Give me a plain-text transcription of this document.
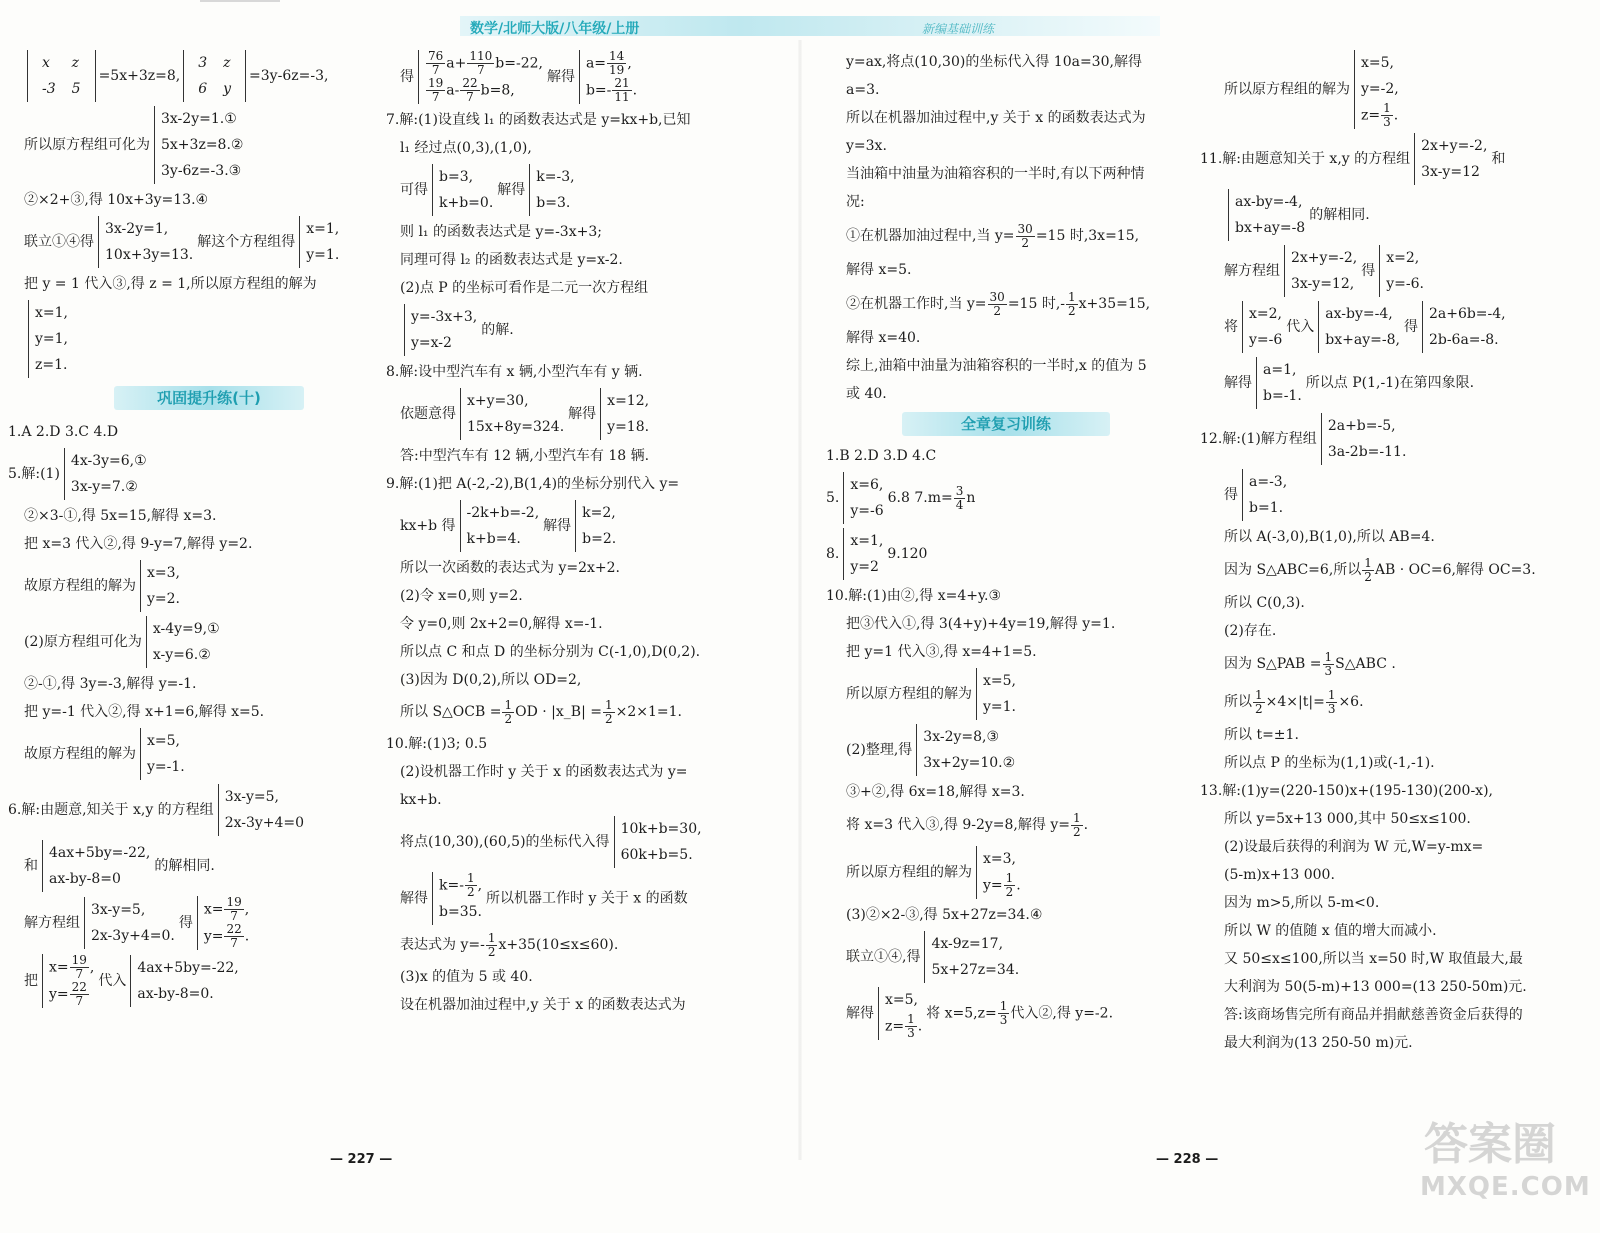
数学/北师大版/八年级/上册	新编基础训练
x	z
-3	5
=5x+3z=8,
3	z
6	y
=3y-6z=-3,
所以原方程组可化为
3x-2y=1.①
5x+3z=8.②
3y-6z=-3.③
②×2+③,得 10x+3y=13.④
联立①④得
3x-2y=1,
10x+3y=13.
解这个方程组得
x=1,
y=1.
把 y = 1 代入③,得 z = 1,所以原方程组的解为
x=1,
y=1,
z=1.
巩固提升练(十)
1.A 2.D 3.C 4.D
5.解:(1)
4x-3y=6,①
3x-y=7.②
②×3-①,得 5x=15,解得 x=3.
把 x=3 代入②,得 9-y=7,解得 y=2.
故原方程组的解为
x=3,
y=2.
(2)原方程组可化为
x-4y=9,①
x-y=6.②
②-①,得 3y=-3,解得 y=-1.
把 y=-1 代入②,得 x+1=6,解得 x=5.
故原方程组的解为
x=5,
y=-1.
6.解:由题意,知关于 x,y 的方程组
3x-y=5,
2x-3y+4=0
和
4ax+5by=-22,
ax-by-8=0
的解相同.
解方程组
3x-y=5,
2x-3y+4=0.
得
$x= \frac{19}{7}$ ,
$y= \frac{22}{7}$ .
把
$x= \frac{19}{7}$ ,
$y= \frac{22}{7}$ 代入
4ax+5by=-22,
ax-by-8=0.
得 $\frac{76}{7} a+ \frac{110}{7} b=-22$,
$\frac{19}{7} a- \frac{22}{7} b=8$,
解得
$a= \frac{14}{19}$ ,
$b=- \frac{21}{11}$ .
7.解:(1)设直线 l₁ 的函数表达式是 y=kx+b,已知
l₁ 经过点(0,3),(1,0),
可得
b=3,
k+b=0.
解得
k=-3,
b=3.
则 l₁ 的函数表达式是 y=-3x+3;
同理可得 l₂ 的函数表达式是 y=x-2.
(2)点 P 的坐标可看作是二元一次方程组
y=-3x+3,
y=x-2
的解.
8.解:设中型汽车有 x 辆,小型汽车有 y 辆.
依题意得
x+y=30,
15x+8y=324.
解得
x=12,
y=18.
答:中型汽车有 12 辆,小型汽车有 18 辆.
9.解:(1)把 A(-2,-2),B(1,4)的坐标分别代入 y=
kx+b 得
-2k+b=-2,
k+b=4.
解得
k=2,
b=2.
所以一次函数的表达式为 y=2x+2.
(2)令 x=0,则 y=2.
令 y=0,则 2x+2=0,解得 x=-1.
所以点 C 和点 D 的坐标分别为 C(-1,0),D(0,2).
(3)因为 D(0,2),所以 OD=2,
所以 S△OCB = $\frac{1}{2}$ OD · |x_B| = $\frac{1}{2} \times 2\times 1=1$.
10.解:(1)3; 0.5
(2)设机器工作时 y 关于 x 的函数表达式为 y=
kx+b.
将点(10,30),(60,5)的坐标代入得
10k+b=30,
60k+b=5.
解得
$k=- \frac{1}{2}$ ,
b=35.
所以机器工作时 y 关于 x 的函数
表达式为 $y=- \frac{1}{2} x+35(10\le x\le 60)$.
(3)x 的值为 5 或 40.
设在机器加油过程中,y 关于 x 的函数表达式为
y=ax,将点(10,30)的坐标代入得 10a=30,解得
a=3.
所以在机器加油过程中,y 关于 x 的函数表达式为
y=3x.
当油箱中油量为油箱容积的一半时,有以下两种情
况:
①在机器加油过程中,当 $y= \frac{30}{2} =15$ 时,3x=15,
解得 x=5.
②在机器工作时,当 $y= \frac{30}{2} =15$ 时,- $\frac{1}{2} x+35=15$,
解得 x=40.
综上,油箱中油量为油箱容积的一半时,x 的值为 5
或 40.
全章复习训练
1.B 2.D 3.D 4.C
5.
x=6,
y=-6
6.8 $7.m= \frac{3}{4}$ n
8.
x=1,
y=2
9.120
10.解:(1)由②,得 x=4+y.③
把③代入①,得 3(4+y)+4y=19,解得 y=1.
把 y=1 代入③,得 x=4+1=5.
所以原方程组的解为
x=5,
y=1.
(2)整理,得
3x-2y=8,③
3x+2y=10.②
③+②,得 6x=18,解得 x=3.
将 x=3 代入③,得 9-2y=8,解得 $y= \frac{1}{2}$ .
所以原方程组的解为
x=3,
$y= \frac{1}{2}$ .
(3)②×2-③,得 5x+27z=34.④
联立①④,得
4x-9z=17,
5x+27z=34.
解得
x=5,
$z= \frac{1}{3}$ .
将 $x=5,z= \frac{1}{3}$ 代入②,得 y=-2.
所以原方程组的解为
x=5,
y=-2,
$z= \frac{1}{3}$ .
11.解:由题意知关于 x,y 的方程组
2x+y=-2,
3x-y=12
和
ax-by=-4,
bx+ay=-8
的解相同.
解方程组
2x+y=-2,
3x-y=12,
得
x=2,
y=-6.
将
x=2,
y=-6
代入
ax-by=-4,
bx+ay=-8,
得
2a+6b=-4,
2b-6a=-8.
解得
a=1,
b=-1.
所以点 P(1,-1)在第四象限.
12.解:(1)解方程组
2a+b=-5,
3a-2b=-11.
得
a=-3,
b=1.
所以 A(-3,0),B(1,0),所以 AB=4.
因为 S△ABC=6,所以 $\frac{1}{2}$ AB · OC=6,解得 OC=3.
所以 C(0,3).
(2)存在.
因为 S△PAB = $\frac{1}{3}$ S△ABC .
所以 $\frac{1}{2} \times 4\times|t|= \frac{1}{3} \times 6$.
所以 t=±1.
所以点 P 的坐标为(1,1)或(-1,-1).
13.解:(1)y=(220-150)x+(195-130)(200-x),
所以 y=5x+13 000,其中 50≤x≤100.
(2)设最后获得的利润为 W 元,W=y-mx=
(5-m)x+13 000.
因为 m>5,所以 5-m<0.
所以 W 的值随 x 值的增大而减小.
又 50≤x≤100,所以当 x=50 时,W 取值最大,最
大利润为 50(5-m)+13 000=(13 250-50m)元.
答:该商场售完所有商品并捐献慈善资金后获得的
最大利润为(13 250-50 m)元.
— 227 —	— 228 —	答案圈
MXQE.COM
